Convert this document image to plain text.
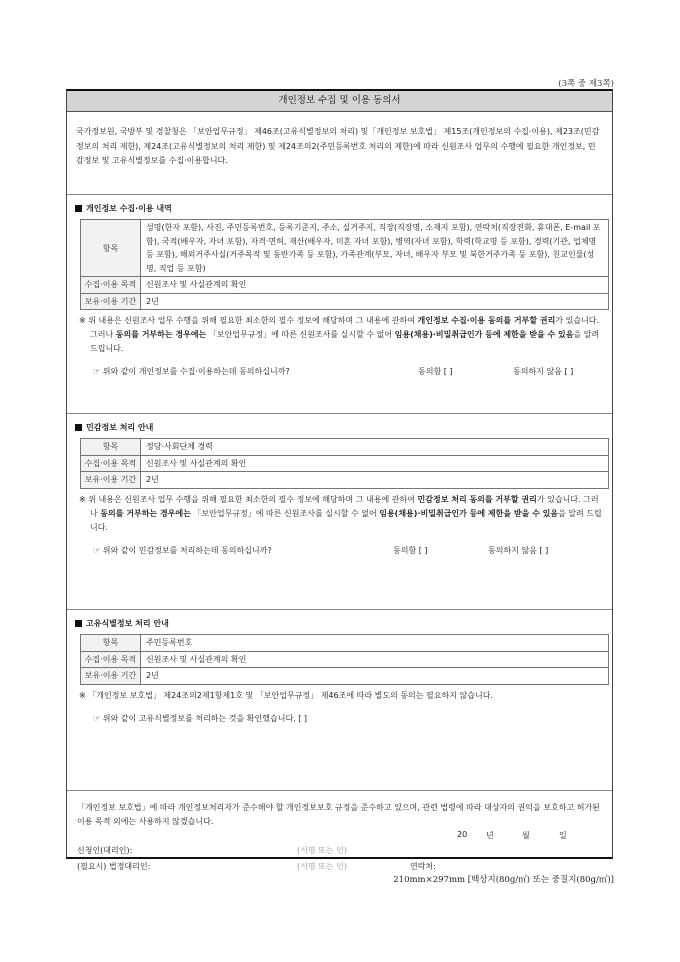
(3쪽 중 제3쪽)
개인정보 수집 및 이용 동의서
국가정보원, 국방부 및 경찰청은 「보안업무규정」 제46조(고유식별정보의 처리) 및「개인정보 보호법」 제15조(개인정보의 수집·이용), 제23조(민감정보의 처리 제한), 제24조(고유식별정보의 처리 제한) 및 제24조의2(주민등록번호 처리의 제한)에 따라 신원조사 업무의 수행에 필요한 개인정보, 민감정보 및 고유식별정보를 수집·이용합니다.
개인정보 수집·이용 내역
항목	성명(한자 포함), 사진, 주민등록번호, 등록기준지, 주소, 실거주지, 직장(직장명, 소재지 포함), 연락처(직장전화, 휴대폰, E-mail 포함), 국적(배우자, 자녀 포함), 자격·면허, 재산(배우자, 미혼 자녀 포함), 병역(자녀 포함), 학력(학교명 등 포함), 경력(기관, 업체명 등 포함), 해외거주사실(거주목적 및 동반가족 등 포함), 가족관계(부모, 자녀, 배우자 부모 및 북한거주가족 등 포함), 친교인물(성명, 직업 등 포함)
수집·이용 목적	신원조사 및 사실관계의 확인
보유·이용 기간	2년
※ 위 내용은 신원조사 업무 수행을 위해 필요한 최소한의 필수 정보에 해당하며 그 내용에 관하여 개인정보 수집·이용 동의를 거부할 권리가 있습니다. 그러나 동의를 거부하는 경우에는 「보안업무규정」에 따른 신원조사를 실시할 수 없어 임용(채용)·비밀취급인가 등에 제한을 받을 수 있음을 알려 드립니다.
☞ 위와 같이 개인정보를 수집·이용하는데 동의하십니까?	동의함 [ ]	동의하지 않음 [ ]
민감정보 처리 안내
항목	정당·사회단체 경력
수집·이용 목적	신원조사 및 사실관계의 확인
보유·이용 기간	2년
※ 위 내용은 신원조사 업무 수행을 위해 필요한 최소한의 필수 정보에 해당하며 그 내용에 관하여 민감정보 처리 동의를 거부할 권리가 있습니다. 그러나 동의를 거부하는 경우에는 「보안업무규정」에 따른 신원조사를 실시할 수 없어 임용(채용)·비밀취급인가 등에 제한을 받을 수 있음을 알려 드립니다.
☞ 위와 같이 민감정보를 처리하는데 동의하십니까?	동의함 [ ]	동의하지 않음 [ ]
고유식별정보 처리 안내
항목	주민등록번호
수집·이용 목적	신원조사 및 사실관계의 확인
보유·이용 기간	2년
※ 「개인정보 보호법」 제24조의2제1항제1호 및 「보안업무규정」 제46조에 따라 별도의 동의는 필요하지 않습니다.
☞ 위와 같이 고유식별정보를 처리하는 것을 확인했습니다. [ ]
「개인정보 보호법」에 따라 개인정보처리자가 준수해야 할 개인정보보호 규정을 준수하고 있으며, 관련 법령에 따라 대상자의 권익을 보호하고 허가된 이용 목적 외에는 사용하지 않겠습니다.
20 년	월	일
신청인(대리인):	(서명 또는 인)
(필요시) 법정대리인:	(서명 또는 인)	연락처:
210mm×297mm [백상지(80g/㎡) 또는 중질지(80g/㎡)]
